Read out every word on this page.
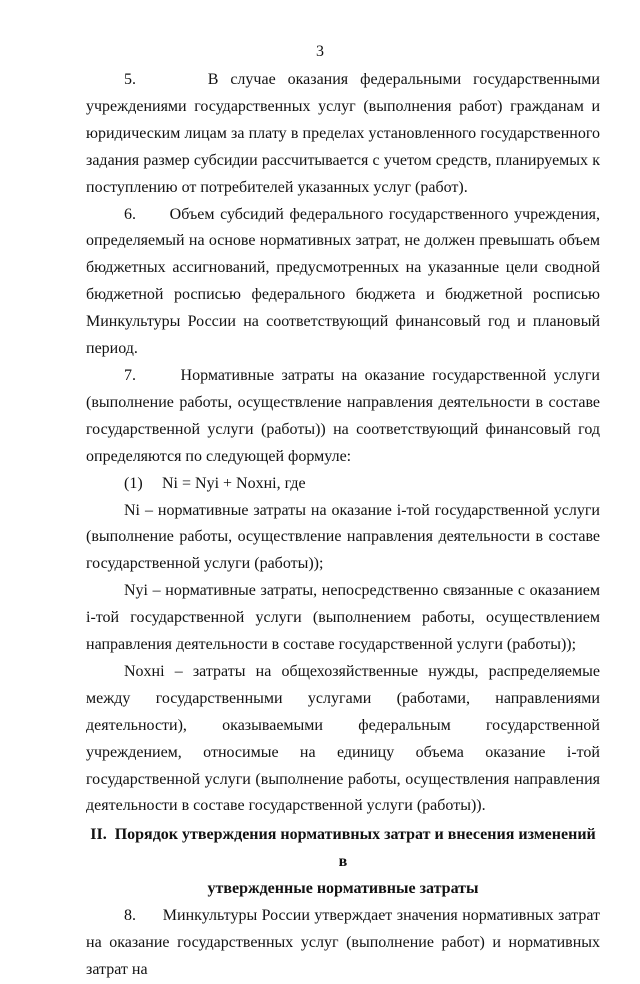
3

5.      В случае оказания федеральными государственными учреждениями государственных услуг (выполнения работ) гражданам и юридическим лицам за плату в пределах установленного государственного задания размер субсидии рассчитывается с учетом средств, планируемых к поступлению от потребителей указанных услуг (работ).

6.      Объем субсидий федерального государственного учреждения, определяемый на основе нормативных затрат, не должен превышать объем бюджетных ассигнований, предусмотренных на указанные цели сводной бюджетной росписью федерального бюджета и бюджетной росписью Минкультуры России на соответствующий финансовый год и плановый период.

7.      Нормативные затраты на оказание государственной услуги (выполнение работы, осуществление направления деятельности в составе государственной услуги (работы)) на соответствующий финансовый год определяются по следующей формуле:

(1) Ni = Nyi + Noxнi, где

Ni – нормативные затраты на оказание i-той государственной услуги (выполнение работы, осуществление направления деятельности в составе государственной услуги (работы));

Nyi – нормативные затраты, непосредственно связанные с оказанием i-той государственной услуги (выполнением работы, осуществлением направления деятельности в составе государственной услуги (работы));

Noxнi – затраты на общехозяйственные нужды, распределяемые между государственными услугами (работами, направлениями деятельности), оказываемыми федеральным государственной учреждением, относимые на единицу объема оказание i-той государственной услуги (выполнение работы, осуществления направления деятельности в составе государственной услуги (работы)).

II.  Порядок утверждения нормативных затрат и внесения изменений в
утвержденные нормативные затраты

8.      Минкультуры России утверждает значения нормативных затрат на оказание государственных услуг (выполнение работ) и нормативных затрат на
